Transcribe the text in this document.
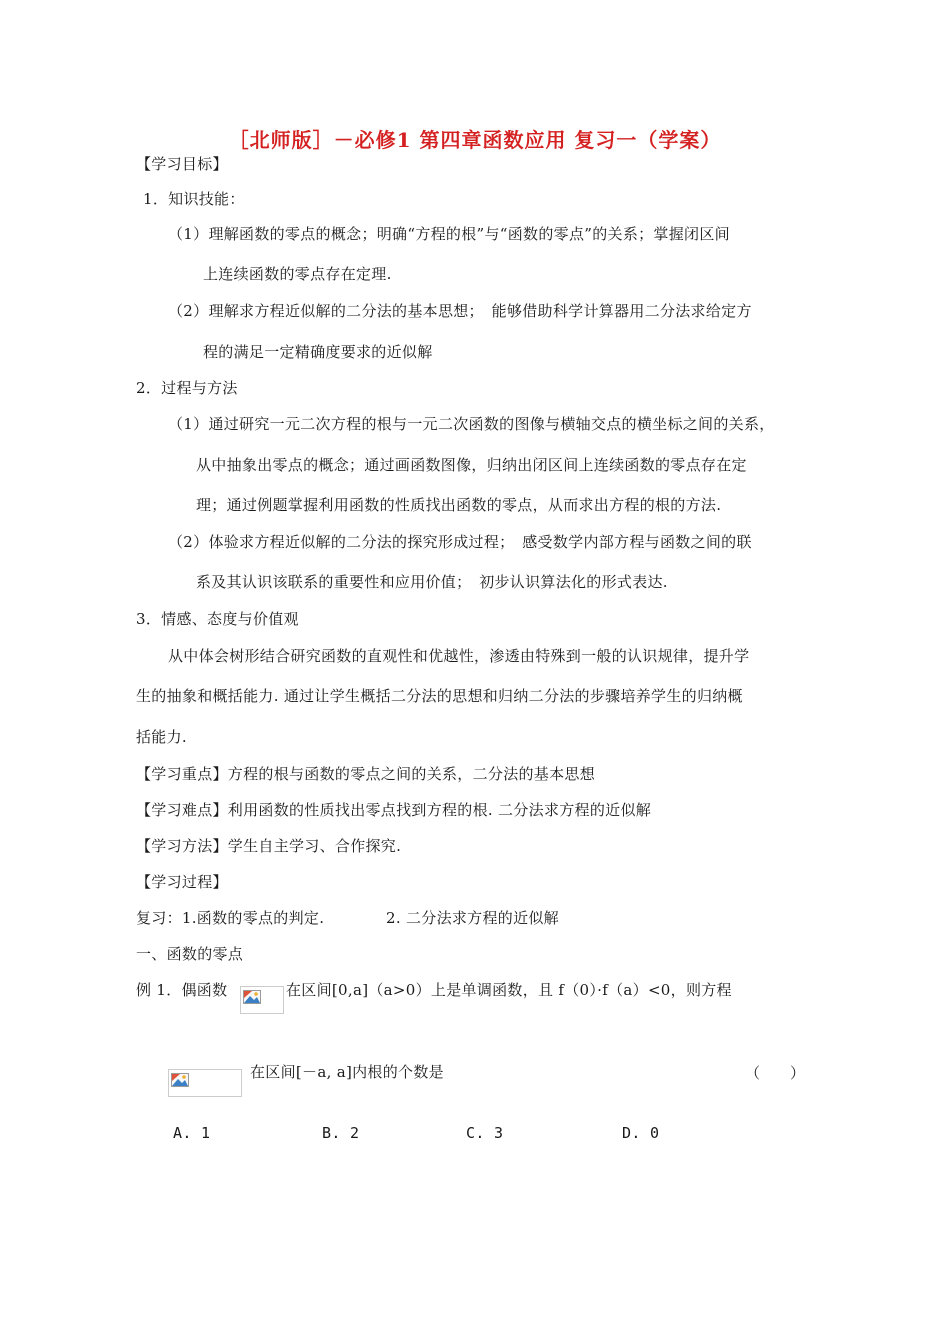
［北师版］－必修1 第四章函数应用 复习一（学案）
【学习目标】
1．知识技能：
（1）理解函数的零点的概念；明确“方程的根”与“函数的零点”的关系；掌握闭区间
上连续函数的零点存在定理.
（2）理解求方程近似解的二分法的基本思想；　能够借助科学计算器用二分法求给定方
程的满足一定精确度要求的近似解
2．过程与方法
（1）通过研究一元二次方程的根与一元二次函数的图像与横轴交点的横坐标之间的关系，
从中抽象出零点的概念；通过画函数图像，归纳出闭区间上连续函数的零点存在定
理；通过例题掌握利用函数的性质找出函数的零点，从而求出方程的根的方法.
（2）体验求方程近似解的二分法的探究形成过程；　感受数学内部方程与函数之间的联
系及其认识该联系的重要性和应用价值；　初步认识算法化的形式表达.
3．情感、态度与价值观
从中体会树形结合研究函数的直观性和优越性，渗透由特殊到一般的认识规律，提升学
生的抽象和概括能力. 通过让学生概括二分法的思想和归纳二分法的步骤培养学生的归纳概
括能力.
【学习重点】方程的根与函数的零点之间的关系，二分法的基本思想
【学习难点】利用函数的性质找出零点找到方程的根. 二分法求方程的近似解
【学习方法】学生自主学习、合作探究.
【学习过程】
复习：1.函数的零点的判定.	2. 二分法求方程的近似解
一、函数的零点
例 1．偶函数	在区间[0,a]（a>0）上是单调函数，且 f（0）·f（a）<0，则方程
在区间[－a, a]内根的个数是	（　　）
A. 1	B. 2	C. 3	D. 0
